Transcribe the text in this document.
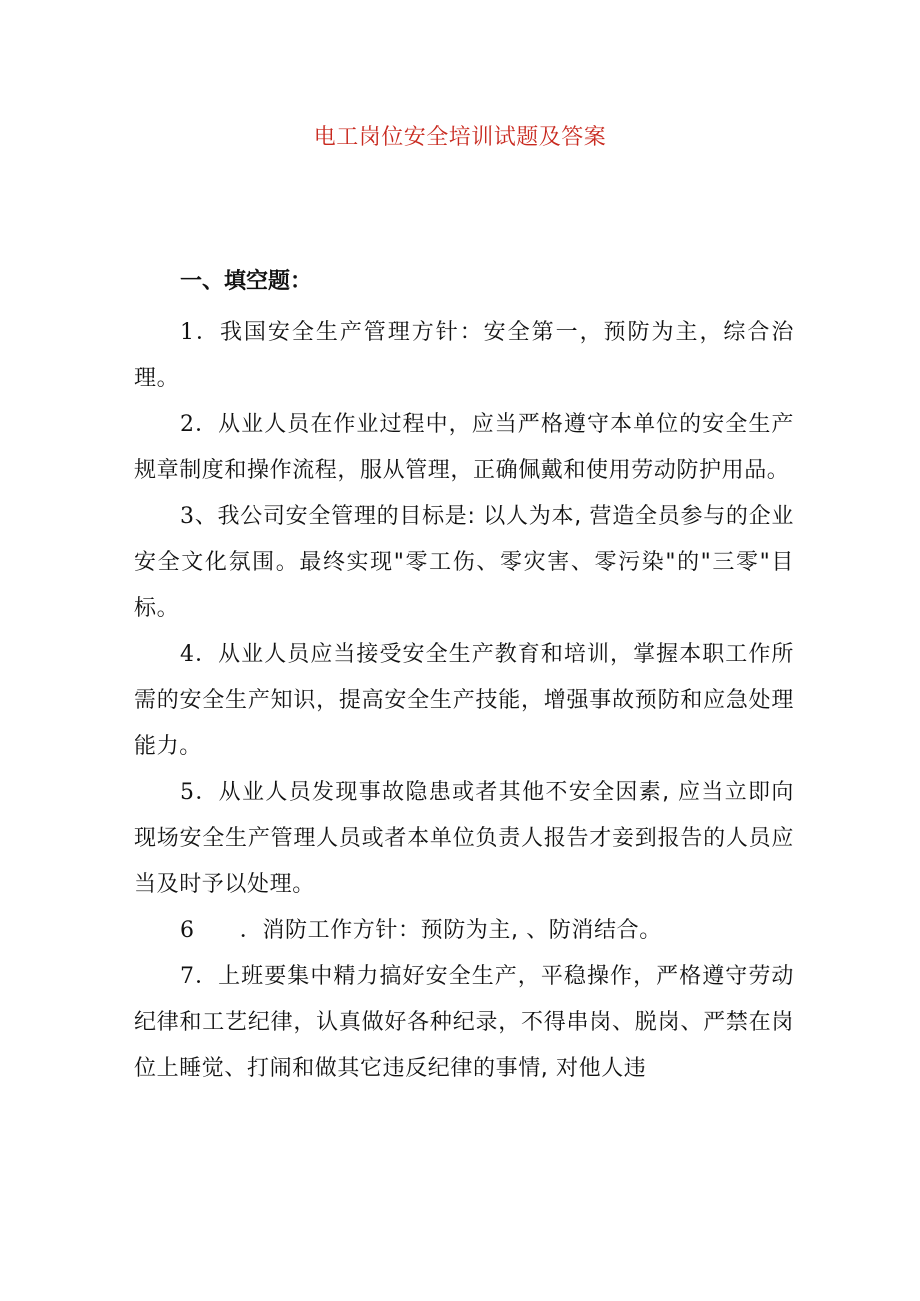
电工岗位安全培训试题及答案
一、填空题：

1．我国安全生产管理方针：安全第一，预防为主，综合治理。

2．从业人员在作业过程中，应当严格遵守本单位的安全生产规章制度和操作流程，服从管理，正确佩戴和使用劳动防护用品。

3、我公司安全管理的目标是: 以人为本, 营造全员参与的企业安全文化氛围。最终实现"零工伤、零灾害、零污染"的"三零"目标。

4．从业人员应当接受安全生产教育和培训，掌握本职工作所需的安全生产知识，提高安全生产技能，增强事故预防和应急处理能力。

5．从业人员发现事故隐患或者其他不安全因素, 应当立即向现场安全生产管理人员或者本单位负责人报告才妾到报告的人员应当及时予以处理。

6　　．消防工作方针：预防为主, 、防消结合。

7．上班要集中精力搞好安全生产，平稳操作，严格遵守劳动纪律和工艺纪律，认真做好各种纪录，不得串岗、脱岗、严禁在岗位上睡觉、打闹和做其它违反纪律的事情, 对他人违
